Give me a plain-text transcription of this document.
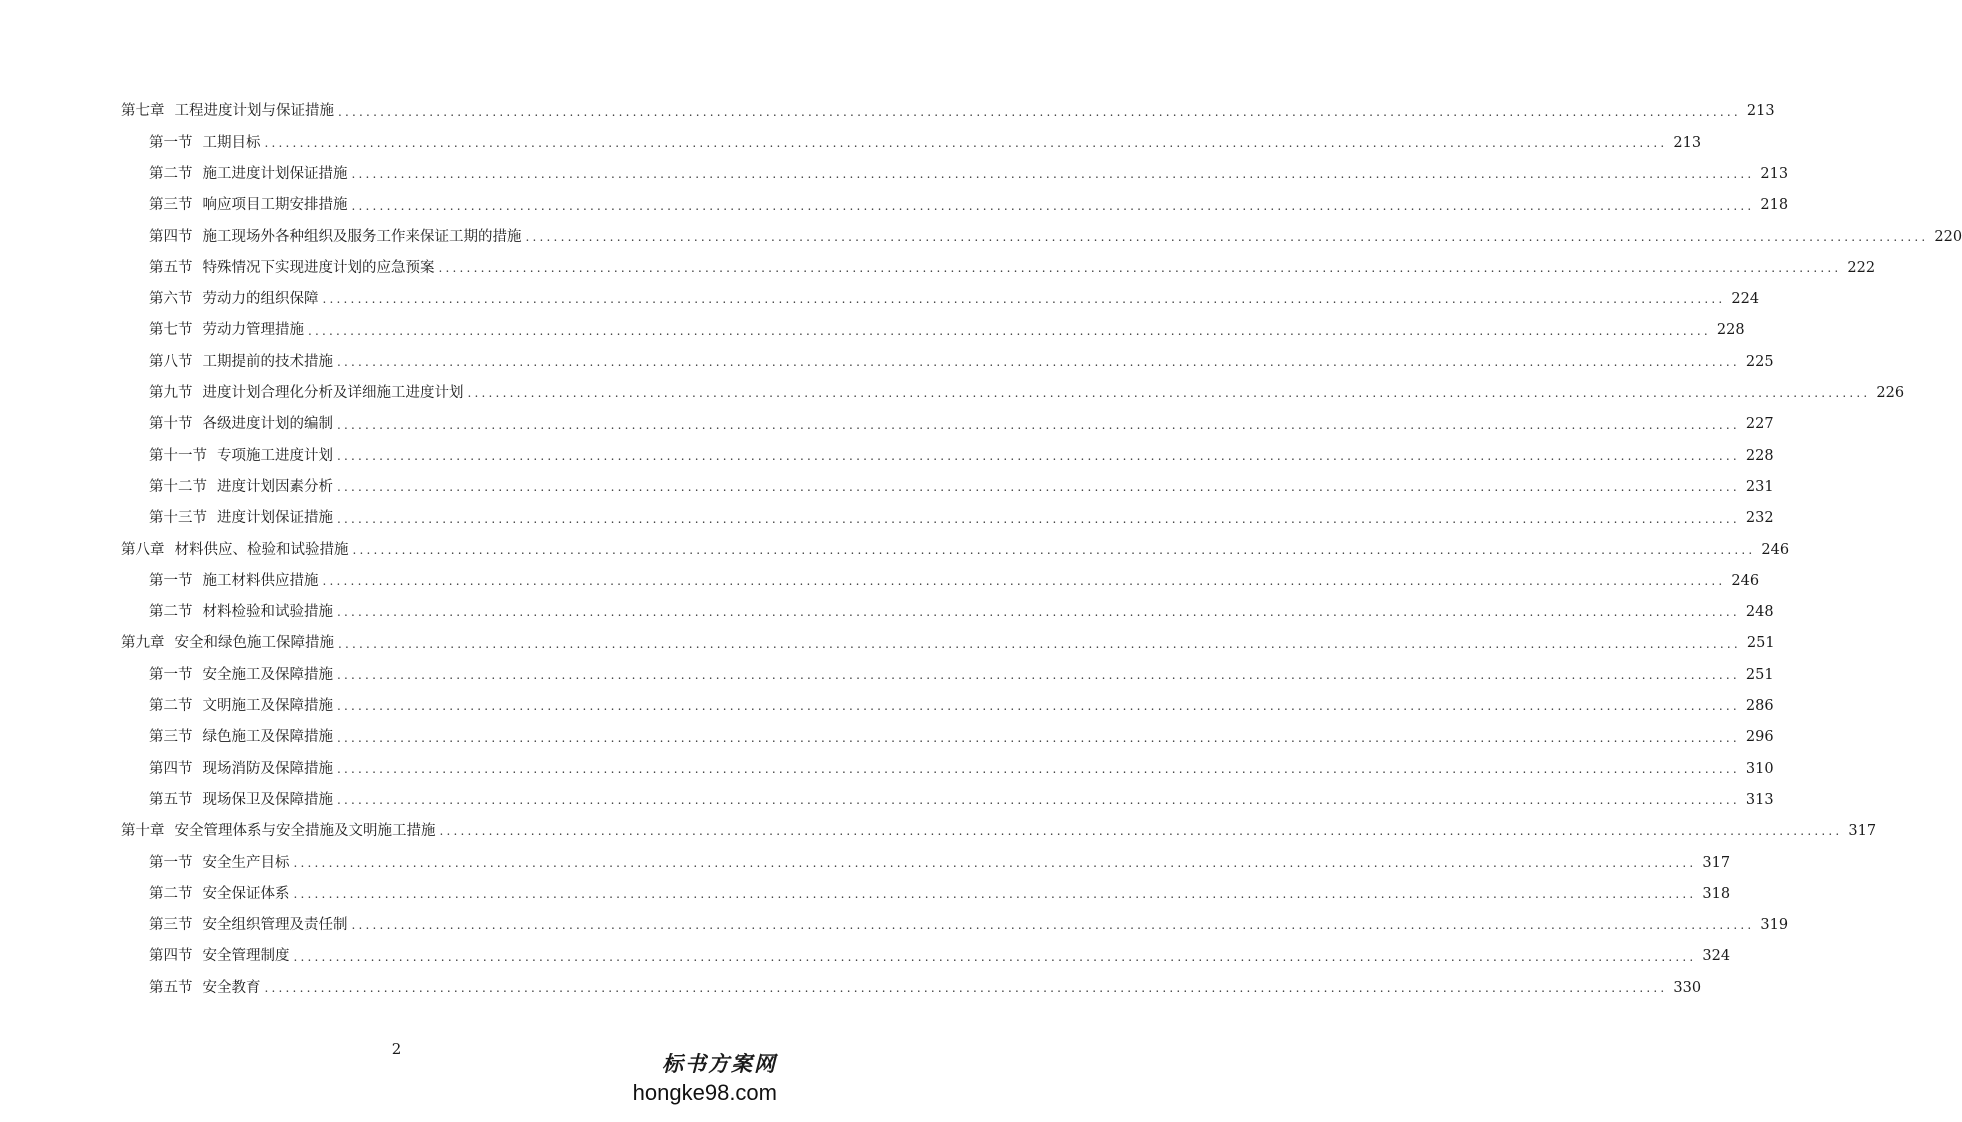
第七章 工程进度计划与保证措施 ........................................................................................................................................................................................................ 213
第一节 工期目标 ........................................................................................................................................................................................................ 213
第二节 施工进度计划保证措施 ........................................................................................................................................................................................................ 213
第三节 响应项目工期安排措施 ........................................................................................................................................................................................................ 218
第四节 施工现场外各种组织及服务工作来保证工期的措施 ........................................................................................................................................................................................................ 220
第五节 特殊情况下实现进度计划的应急预案 ........................................................................................................................................................................................................ 222
第六节 劳动力的组织保障 ........................................................................................................................................................................................................ 224
第七节 劳动力管理措施 ........................................................................................................................................................................................................ 228
第八节 工期提前的技术措施 ........................................................................................................................................................................................................ 225
第九节 进度计划合理化分析及详细施工进度计划 ........................................................................................................................................................................................................ 226
第十节 各级进度计划的编制 ........................................................................................................................................................................................................ 227
第十一节 专项施工进度计划 ........................................................................................................................................................................................................ 228
第十二节 进度计划因素分析 ........................................................................................................................................................................................................ 231
第十三节 进度计划保证措施 ........................................................................................................................................................................................................ 232
第八章 材料供应、检验和试验措施 ........................................................................................................................................................................................................ 246
第一节 施工材料供应措施 ........................................................................................................................................................................................................ 246
第二节 材料检验和试验措施 ........................................................................................................................................................................................................ 248
第九章 安全和绿色施工保障措施 ........................................................................................................................................................................................................ 251
第一节 安全施工及保障措施 ........................................................................................................................................................................................................ 251
第二节 文明施工及保障措施 ........................................................................................................................................................................................................ 286
第三节 绿色施工及保障措施 ........................................................................................................................................................................................................ 296
第四节 现场消防及保障措施 ........................................................................................................................................................................................................ 310
第五节 现场保卫及保障措施 ........................................................................................................................................................................................................ 313
第十章 安全管理体系与安全措施及文明施工措施 ........................................................................................................................................................................................................ 317
第一节 安全生产目标 ........................................................................................................................................................................................................ 317
第二节 安全保证体系 ........................................................................................................................................................................................................ 318
第三节 安全组织管理及责任制 ........................................................................................................................................................................................................ 319
第四节 安全管理制度 ........................................................................................................................................................................................................ 324
第五节 安全教育 ........................................................................................................................................................................................................ 330
2
标书方案网
hongke98.com
